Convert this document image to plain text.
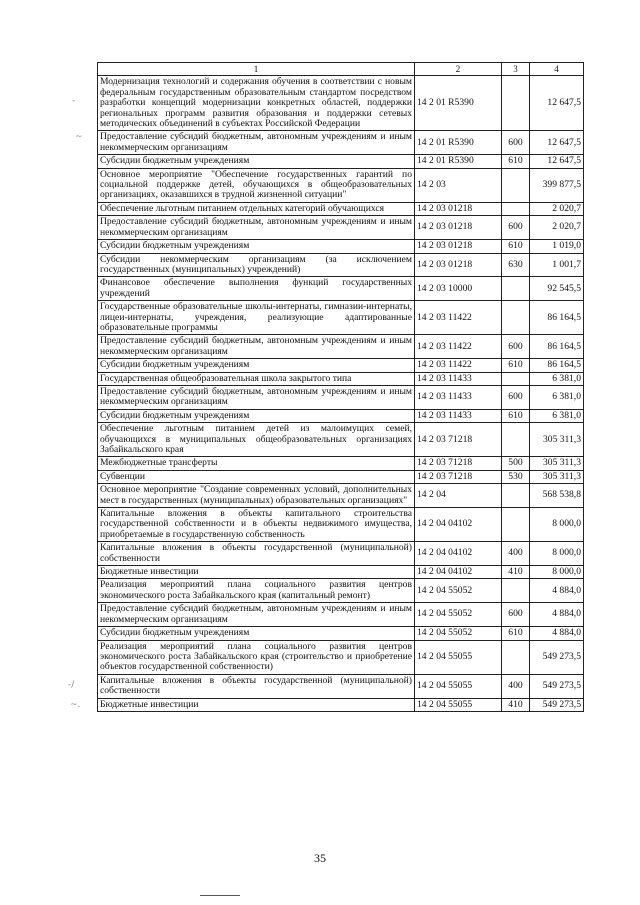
-
~
-/
~.
1	2	3	4
Модернизация технологий и содержания обучения в соответствии с новым федеральным государственным образовательным стандартом посредством разработки концепций модернизации конкретных областей, поддержки региональных программ развития образования и поддержки сетевых методических объединений в субъектах Российской Федерации	14 2 01 R5390		12 647,5
Предоставление субсидий бюджетным, автономным учреждениям и иным некоммерческим организациям	14 2 01 R5390	600	12 647,5
Субсидии бюджетным учреждениям	14 2 01 R5390	610	12 647,5
Основное мероприятие "Обеспечение государственных гарантий по социальной поддержке детей, обучающихся в общеобразовательных организациях, оказавшихся в трудной жизненной ситуации"	14 2 03		399 877,5
Обеспечение льготным питанием отдельных категорий обучающихся	14 2 03 01218		2 020,7
Предоставление субсидий бюджетным, автономным учреждениям и иным некоммерческим организациям	14 2 03 01218	600	2 020,7
Субсидии бюджетным учреждениям	14 2 03 01218	610	1 019,0
Субсидии некоммерческим организациям (за исключением государственных (муниципальных) учреждений)	14 2 03 01218	630	1 001,7
Финансовое обеспечение выполнения функций государственных учреждений	14 2 03 10000		92 545,5
Государственные образовательные школы-интернаты, гимназии-интернаты, лицеи-интернаты, учреждения, реализующие адаптированные образовательные программы	14 2 03 11422		86 164,5
Предоставление субсидий бюджетным, автономным учреждениям и иным некоммерческим организациям	14 2 03 11422	600	86 164,5
Субсидии бюджетным учреждениям	14 2 03 11422	610	86 164,5
Государственная общеобразовательная школа закрытого типа	14 2 03 11433		6 381,0
Предоставление субсидий бюджетным, автономным учреждениям и иным некоммерческим организациям	14 2 03 11433	600	6 381,0
Субсидии бюджетным учреждениям	14 2 03 11433	610	6 381,0
Обеспечение льготным питанием детей из малоимущих семей, обучающихся в муниципальных общеобразовательных организациях Забайкальского края	14 2 03 71218		305 311,3
Межбюджетные трансферты	14 2 03 71218	500	305 311,3
Субвенции	14 2 03 71218	530	305 311,3
Основное мероприятие "Создание современных условий, дополнительных мест в государственных (муниципальных) образовательных организациях"	14 2 04		568 538,8
Капитальные вложения в объекты капитального строительства государственной собственности и в объекты недвижимого имущества, приобретаемые в государственную собственность	14 2 04 04102		8 000,0
Капитальные вложения в объекты государственной (муниципальной) собственности	14 2 04 04102	400	8 000,0
Бюджетные инвестиции	14 2 04 04102	410	8 000,0
Реализация мероприятий плана социального развития центров экономического роста Забайкальского края (капитальный ремонт)	14 2 04 55052		4 884,0
Предоставление субсидий бюджетным, автономным учреждениям и иным некоммерческим организациям	14 2 04 55052	600	4 884,0
Субсидии бюджетным учреждениям	14 2 04 55052	610	4 884,0
Реализация мероприятий плана социального развития центров экономического роста Забайкальского края (строительство и приобретение объектов государственной собственности)	14 2 04 55055		549 273,5
Капитальные вложения в объекты государственной (муниципальной) собственности	14 2 04 55055	400	549 273,5
Бюджетные инвестиции	14 2 04 55055	410	549 273,5
35
